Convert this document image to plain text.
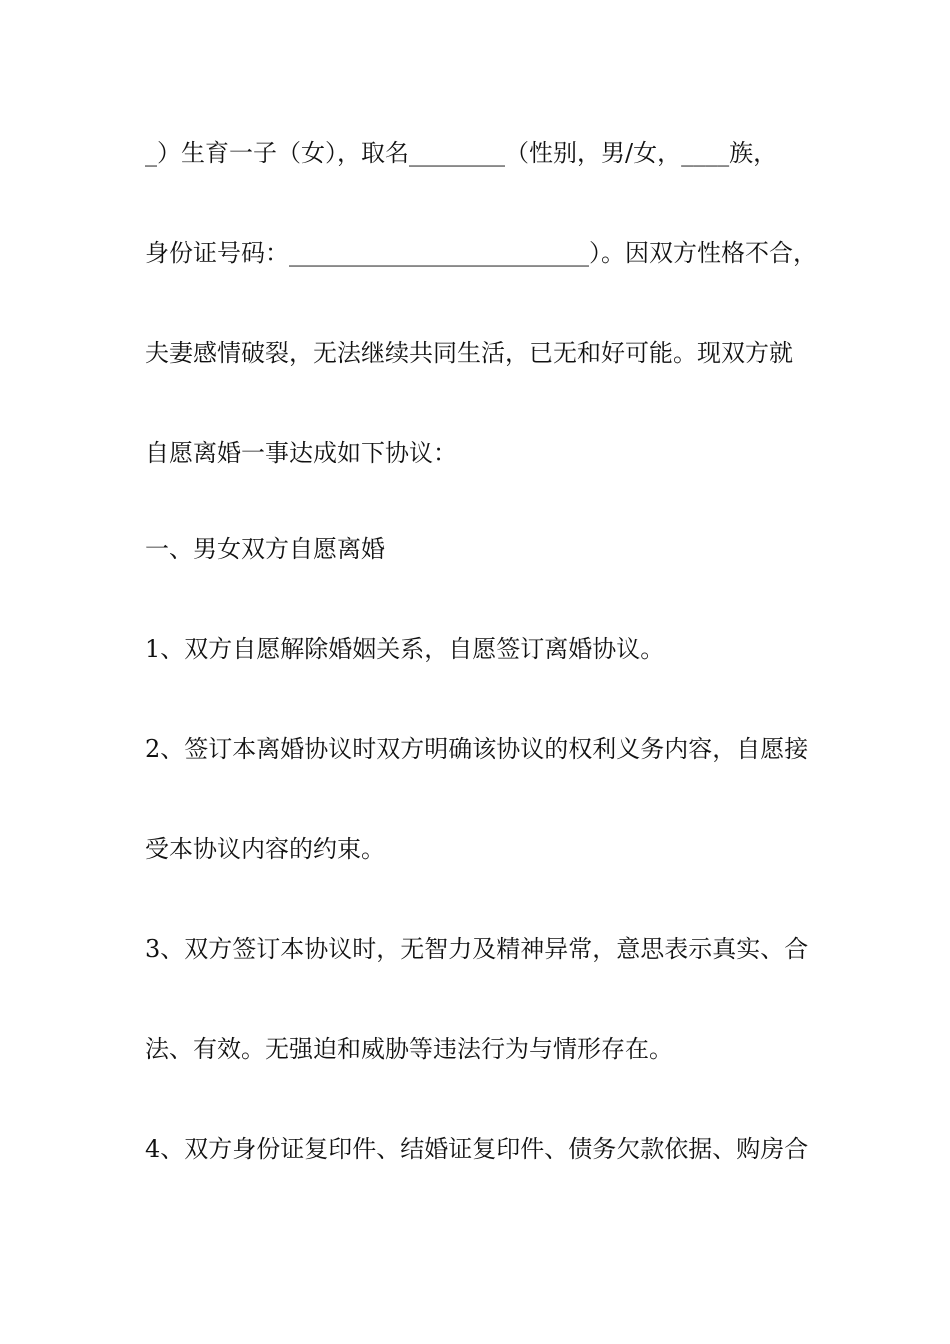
_）生育一子（女），取名________（性别，男/女，____族，
身份证号码：_________________________）。因双方性格不合，
夫妻感情破裂，无法继续共同生活，已无和好可能。现双方就
自愿离婚一事达成如下协议：
一、男女双方自愿离婚
1、双方自愿解除婚姻关系，自愿签订离婚协议。
2、签订本离婚协议时双方明确该协议的权利义务内容，自愿接
受本协议内容的约束。
3、双方签订本协议时，无智力及精神异常，意思表示真实、合
法、有效。无强迫和威胁等违法行为与情形存在。
4、双方身份证复印件、结婚证复印件、债务欠款依据、购房合
